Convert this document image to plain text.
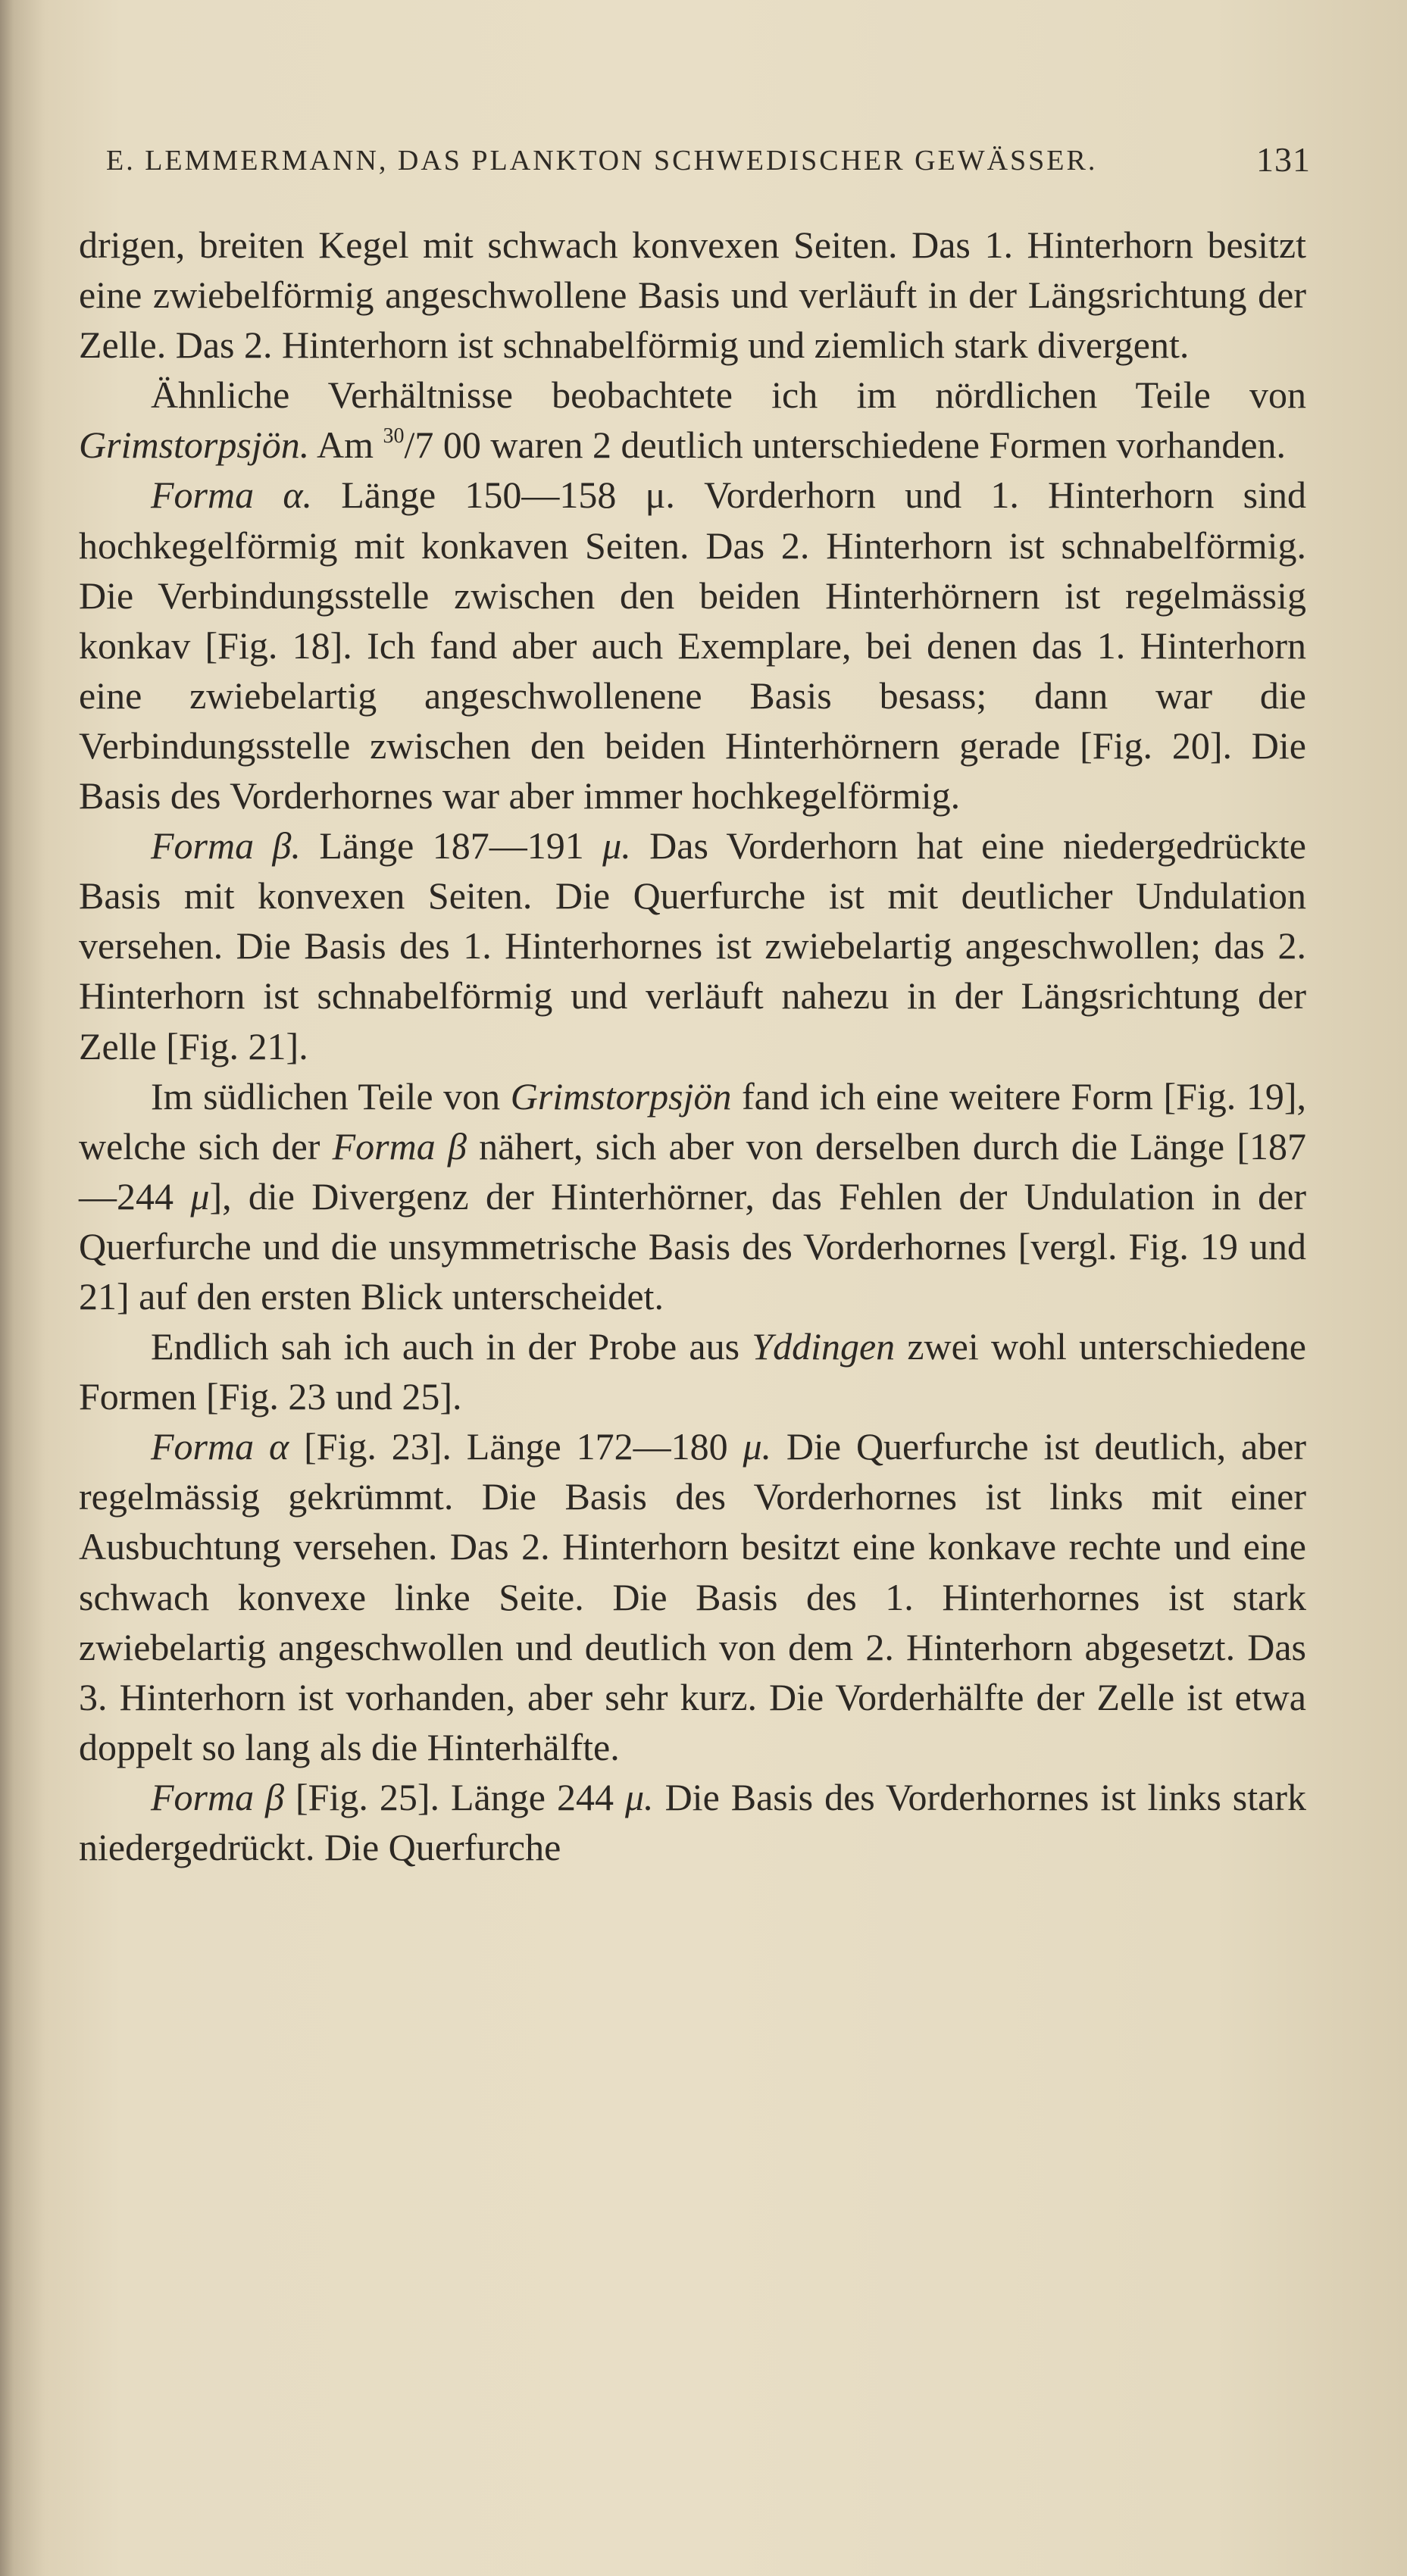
E. LEMMERMANN, DAS PLANKTON SCHWEDISCHER GEWÄSSER.	131

drigen, breiten Kegel mit schwach konvexen Seiten. Das 1. Hinterhorn besitzt eine zwiebelförmig angeschwollene Basis und verläuft in der Längsrichtung der Zelle. Das 2. Hinterhorn ist schnabelförmig und ziemlich stark divergent.

Ähnliche Verhältnisse beobachtete ich im nördlichen Teile von Grimstorpsjön. Am $^{30}$/7 00 waren 2 deutlich unterschiedene Formen vorhanden.

Forma α. Länge 150—158 μ. Vorderhorn und 1. Hinterhorn sind hochkegelförmig mit konkaven Seiten. Das 2. Hinterhorn ist schnabelförmig. Die Verbindungsstelle zwischen den beiden Hinterhörnern ist regelmässig konkav [Fig. 18]. Ich fand aber auch Exemplare, bei denen das 1. Hinterhorn eine zwiebelartig angeschwollenene Basis besass; dann war die Verbindungsstelle zwischen den beiden Hinterhörnern gerade [Fig. 20]. Die Basis des Vorderhornes war aber immer hochkegelförmig.

Forma β. Länge 187—191 μ. Das Vorderhorn hat eine niedergedrückte Basis mit konvexen Seiten. Die Querfurche ist mit deutlicher Undulation versehen. Die Basis des 1. Hinterhornes ist zwiebelartig angeschwollen; das 2. Hinterhorn ist schnabelförmig und verläuft nahezu in der Längsrichtung der Zelle [Fig. 21].

Im südlichen Teile von Grimstorpsjön fand ich eine weitere Form [Fig. 19], welche sich der Forma β nähert, sich aber von derselben durch die Länge [187—244 μ], die Divergenz der Hinterhörner, das Fehlen der Undulation in der Querfurche und die unsymmetrische Basis des Vorderhornes [vergl. Fig. 19 und 21] auf den ersten Blick unterscheidet.

Endlich sah ich auch in der Probe aus Yddingen zwei wohl unterschiedene Formen [Fig. 23 und 25].

Forma α [Fig. 23]. Länge 172—180 μ. Die Querfurche ist deutlich, aber regelmässig gekrümmt. Die Basis des Vorderhornes ist links mit einer Ausbuchtung versehen. Das 2. Hinterhorn besitzt eine konkave rechte und eine schwach konvexe linke Seite. Die Basis des 1. Hinterhornes ist stark zwiebelartig angeschwollen und deutlich von dem 2. Hinterhorn abgesetzt. Das 3. Hinterhorn ist vorhanden, aber sehr kurz. Die Vorderhälfte der Zelle ist etwa doppelt so lang als die Hinterhälfte.

Forma β [Fig. 25]. Länge 244 μ. Die Basis des Vorderhornes ist links stark niedergedrückt. Die Querfurche
